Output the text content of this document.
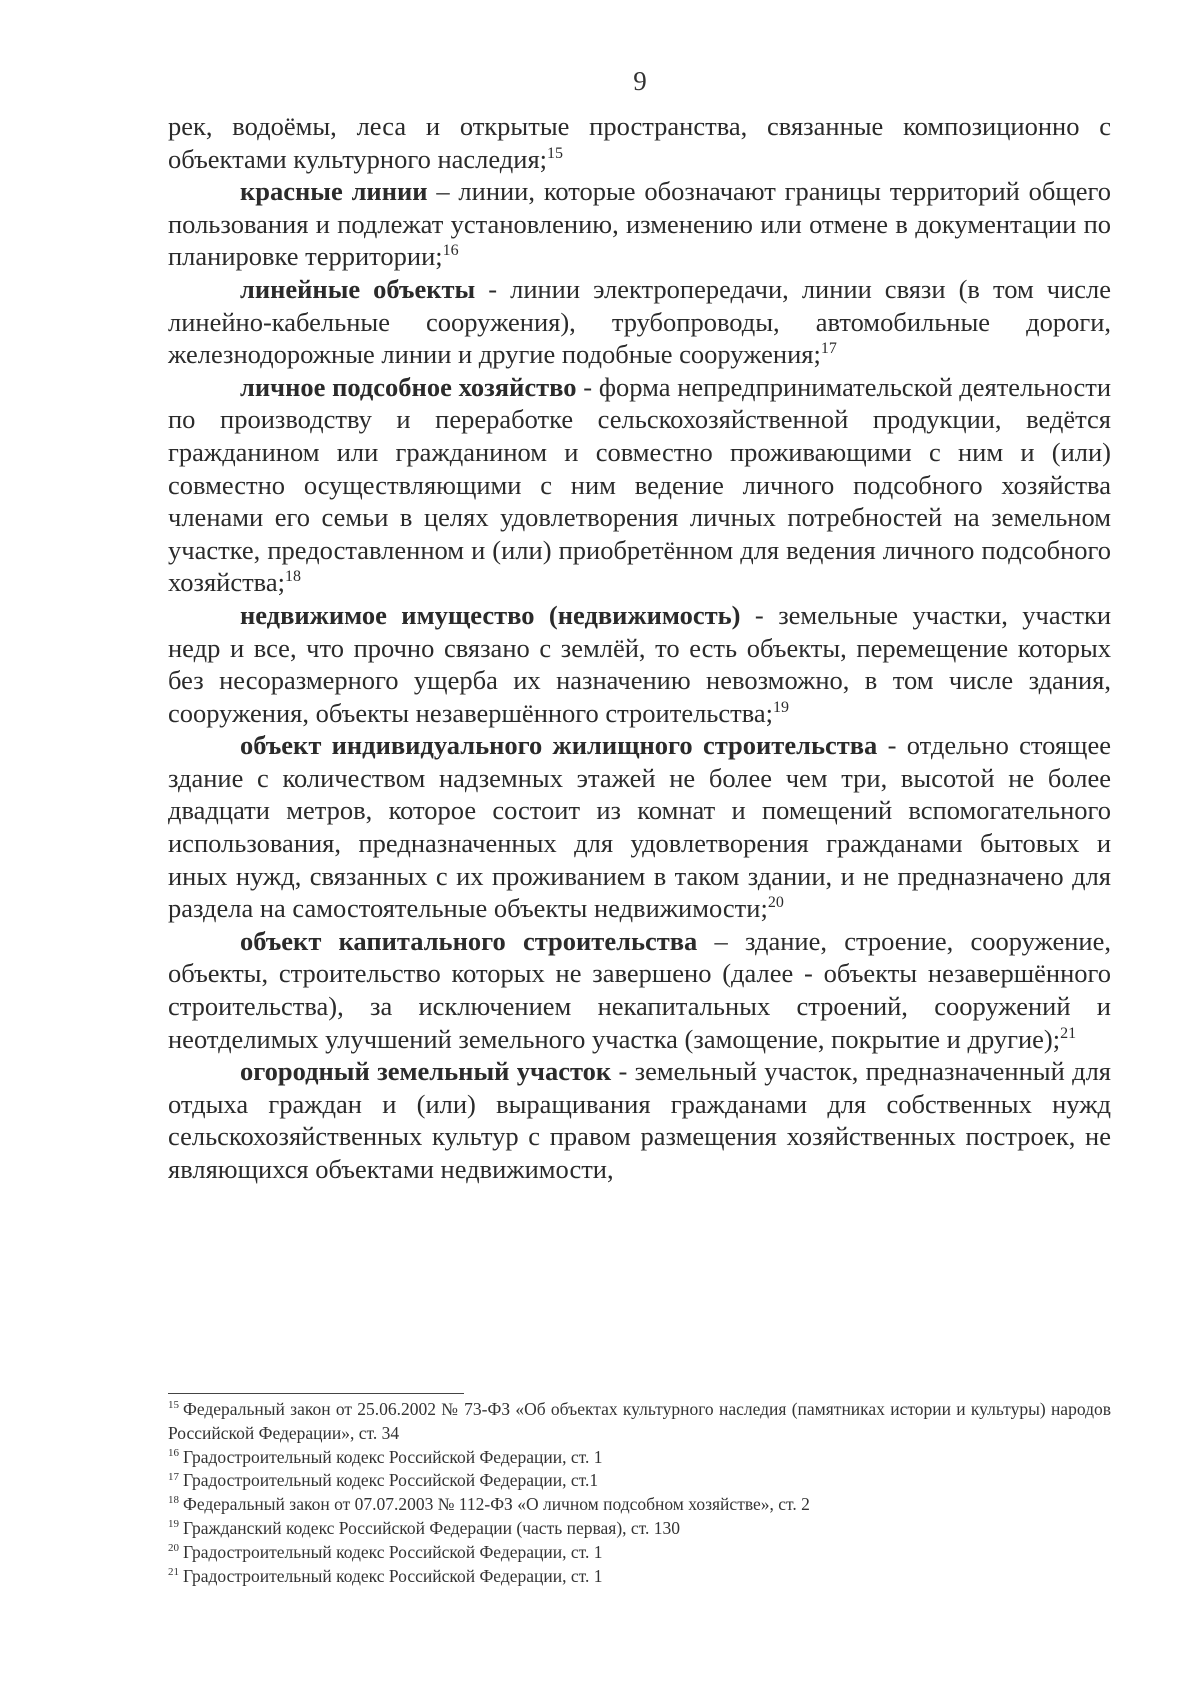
9

рек, водоёмы, леса и открытые пространства, связанные композиционно с объектами культурного наследия;$^{15}$

красные линии – линии, которые обозначают границы территорий общего пользования и подлежат установлению, изменению или отмене в документации по планировке территории;$^{16}$

линейные объекты - линии электропередачи, линии связи (в том числе линейно-кабельные сооружения), трубопроводы, автомобильные дороги, железнодорожные линии и другие подобные сооружения;$^{17}$

личное подсобное хозяйство - форма непредпринимательской деятельности по производству и переработке сельскохозяйственной продукции, ведётся гражданином или гражданином и совместно проживающими с ним и (или) совместно осуществляющими с ним ведение личного подсобного хозяйства членами его семьи в целях удовлетворения личных потребностей на земельном участке, предоставленном и (или) приобретённом для ведения личного подсобного хозяйства;$^{18}$

недвижимое имущество (недвижимость) - земельные участки, участки недр и все, что прочно связано с землёй, то есть объекты, перемещение которых без несоразмерного ущерба их назначению невозможно, в том числе здания, сооружения, объекты незавершённого строительства;$^{19}$

объект индивидуального жилищного строительства - отдельно стоящее здание с количеством надземных этажей не более чем три, высотой не более двадцати метров, которое состоит из комнат и помещений вспомогательного использования, предназначенных для удовлетворения гражданами бытовых и иных нужд, связанных с их проживанием в таком здании, и не предназначено для раздела на самостоятельные объекты недвижимости;$^{20}$

объект капитального строительства – здание, строение, сооружение, объекты, строительство которых не завершено (далее - объекты незавершённого строительства), за исключением некапитальных строений, сооружений и неотделимых улучшений земельного участка (замощение, покрытие и другие);$^{21}$

огородный земельный участок - земельный участок, предназначенный для отдыха граждан и (или) выращивания гражданами для собственных нужд сельскохозяйственных культур с правом размещения хозяйственных построек, не являющихся объектами недвижимости,

$^{15}$ Федеральный закон от 25.06.2002 № 73-ФЗ «Об объектах культурного наследия (памятниках истории и культуры) народов Российской Федерации», ст. 34

$^{16}$ Градостроительный кодекс Российской Федерации, ст. 1

$^{17}$ Градостроительный кодекс Российской Федерации, ст.1

$^{18}$ Федеральный закон от 07.07.2003 № 112-ФЗ «О личном подсобном хозяйстве», ст. 2

$^{19}$ Гражданский кодекс Российской Федерации (часть первая), ст. 130

$^{20}$ Градостроительный кодекс Российской Федерации, ст. 1

$^{21}$ Градостроительный кодекс Российской Федерации, ст. 1
